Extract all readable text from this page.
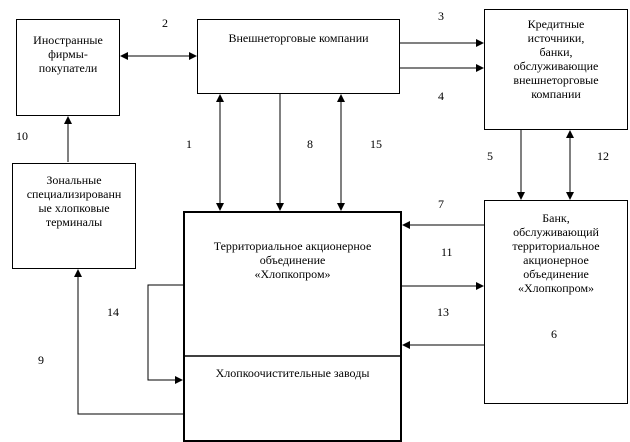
Иностранные
фирмы-
покупатели
Внешнеторговые компании
Кредитные
источники,
банки,
обслуживающие
внешнеторговые
компании
Зональные
специализированн
ые хлопковые
терминалы
Территориальное акционерное
объединение
«Хлопкопром»
Хлопкоочистительные заводы
Банк,
обслуживающий
территориальное
акционерное
объединение
«Хлопкопром»
2	3
4
10
1	8	15
5	12
7
11
13
6
14
9
